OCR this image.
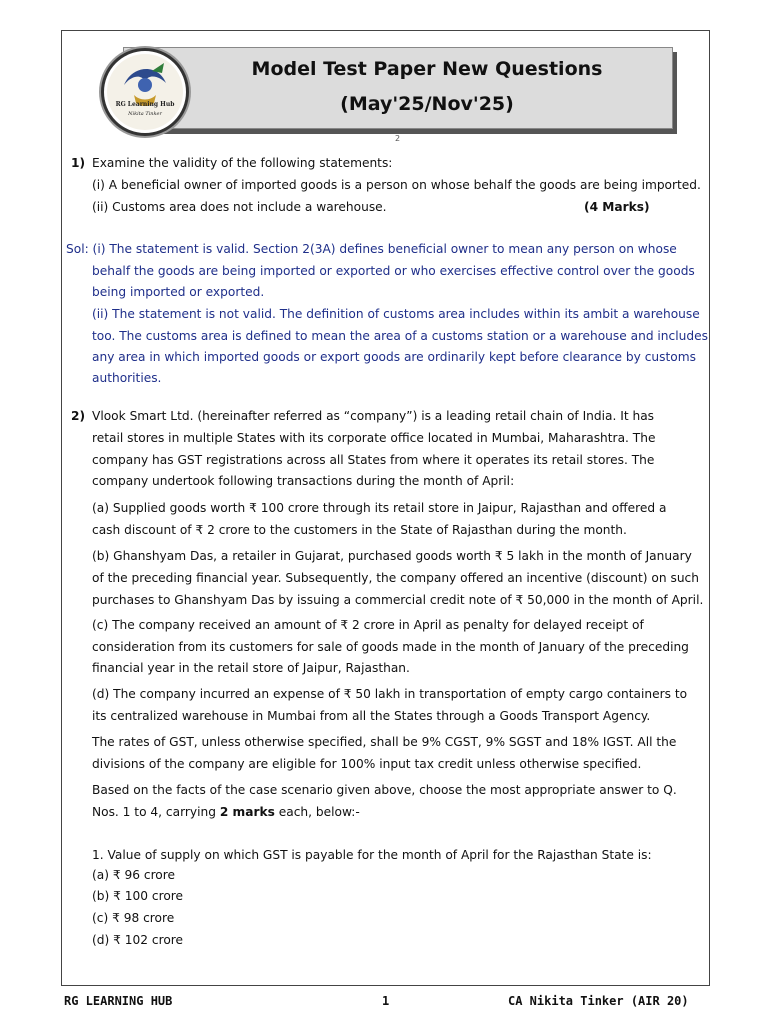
RG Learning Hub
Nikita Tinker
Model Test Paper New Questions
(May'25/Nov'25)
2
1) Examine the validity of the following statements:
(i) A beneficial owner of imported goods is a person on whose behalf the goods are being imported.
(ii) Customs area does not include a warehouse.	(4 Marks)
Sol: (i) The statement is valid. Section 2(3A) defines beneficial owner to mean any person on whose
behalf the goods are being imported or exported or who exercises effective control over the goods
being imported or exported.
(ii) The statement is not valid. The definition of customs area includes within its ambit a warehouse
too. The customs area is defined to mean the area of a customs station or a warehouse and includes
any area in which imported goods or export goods are ordinarily kept before clearance by customs
authorities.
2) Vlook Smart Ltd. (hereinafter referred as “company”) is a leading retail chain of India. It has
retail stores in multiple States with its corporate office located in Mumbai, Maharashtra. The
company has GST registrations across all States from where it operates its retail stores. The
company undertook following transactions during the month of April:
(a) Supplied goods worth ₹ 100 crore through its retail store in Jaipur, Rajasthan and offered a
cash discount of ₹ 2 crore to the customers in the State of Rajasthan during the month.
(b) Ghanshyam Das, a retailer in Gujarat, purchased goods worth ₹ 5 lakh in the month of January
of the preceding financial year. Subsequently, the company offered an incentive (discount) on such
purchases to Ghanshyam Das by issuing a commercial credit note of ₹ 50,000 in the month of April.
(c) The company received an amount of ₹ 2 crore in April as penalty for delayed receipt of
consideration from its customers for sale of goods made in the month of January of the preceding
financial year in the retail store of Jaipur, Rajasthan.
(d) The company incurred an expense of ₹ 50 lakh in transportation of empty cargo containers to
its centralized warehouse in Mumbai from all the States through a Goods Transport Agency.
The rates of GST, unless otherwise specified, shall be 9% CGST, 9% SGST and 18% IGST. All the
divisions of the company are eligible for 100% input tax credit unless otherwise specified.
Based on the facts of the case scenario given above, choose the most appropriate answer to Q.
Nos. 1 to 4, carrying 2 marks each, below:-
1. Value of supply on which GST is payable for the month of April for the Rajasthan State is:
(a) ₹ 96 crore
(b) ₹ 100 crore
(c) ₹ 98 crore
(d) ₹ 102 crore
RG LEARNING HUB	1	CA Nikita Tinker (AIR 20)
